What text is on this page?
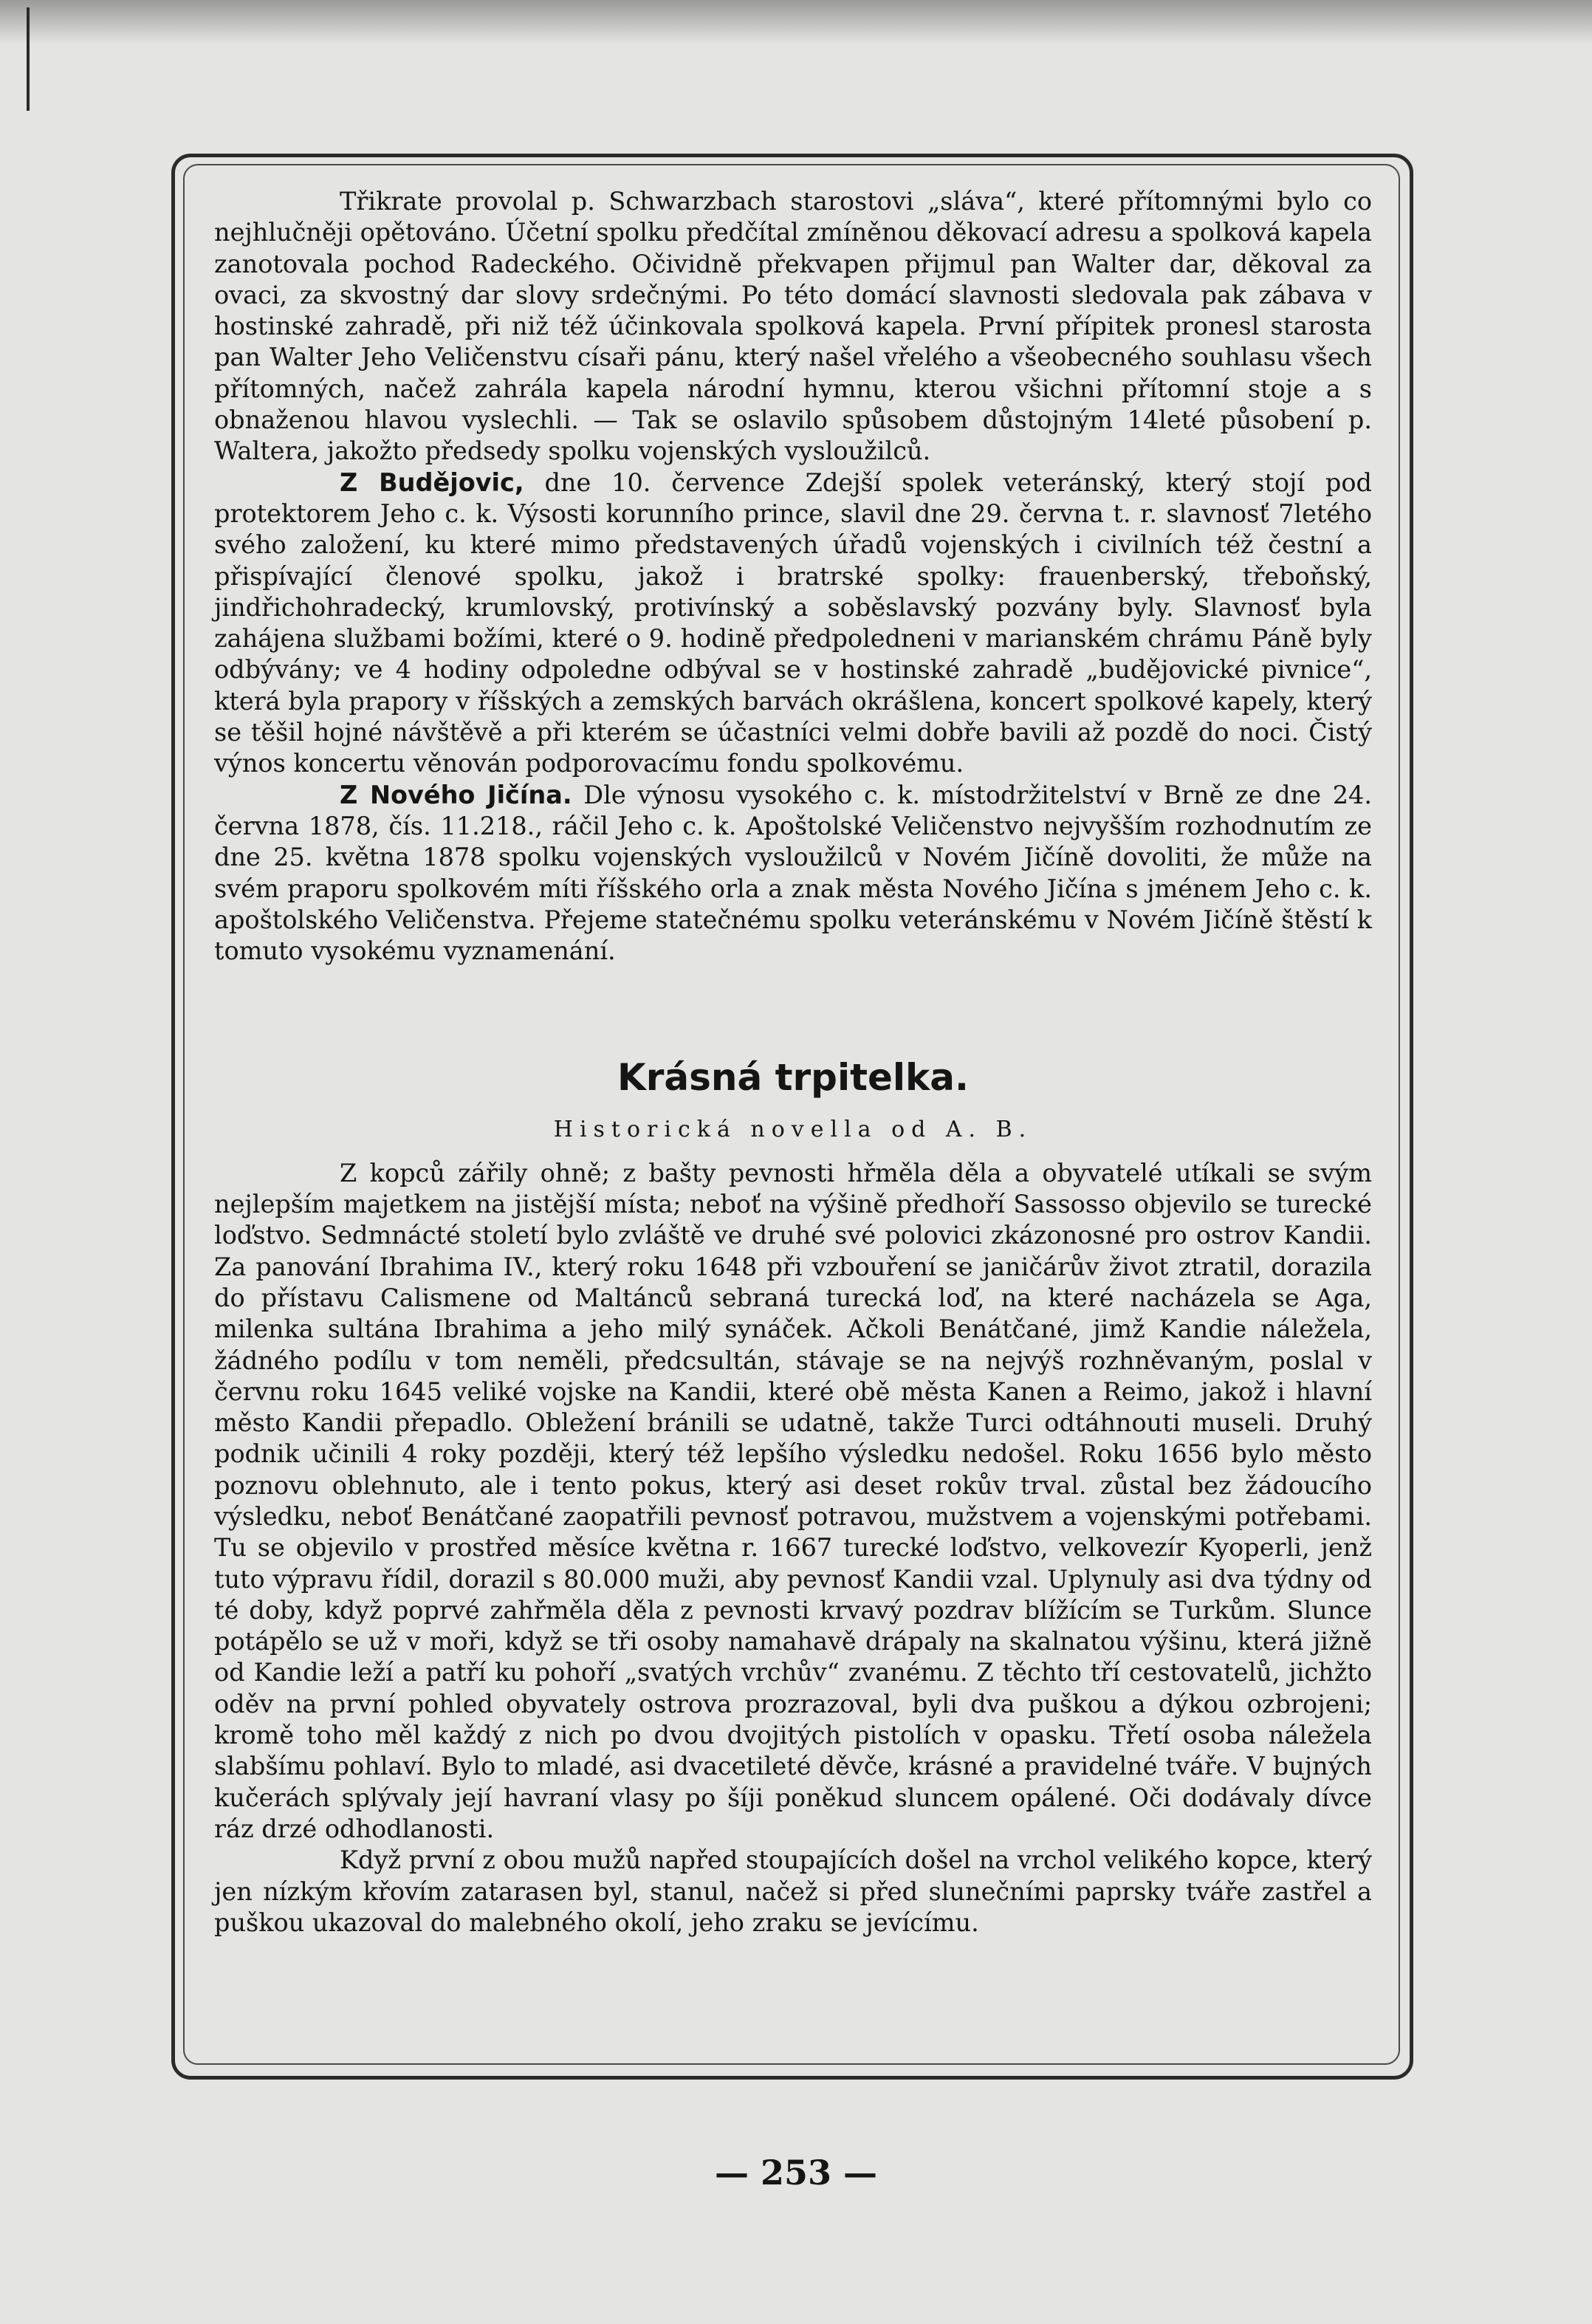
Třikrate provolal p. Schwarzbach starostovi „sláva“, které přítomnými bylo co nejhlučněji opětováno. Účetní spolku předčítal zmíněnou děkovací adresu a spolková kapela zanotovala pochod Radeckého. Očividně překvapen přijmul pan Walter dar, děkoval za ovaci, za skvostný dar slovy srdečnými. Po této domácí slavnosti sledovala pak zábava v hostinské zahradě, při niž též účinkovala spolková kapela. První přípitek pronesl starosta pan Walter Jeho Veličenstvu císaři pánu, který našel vřelého a všeobecného souhlasu všech přítomných, načež zahrála kapela národní hymnu, kterou všichni přítomní stoje a s obnaženou hlavou vyslechli. — Tak se oslavilo spůsobem důstojným 14leté působení p. Waltera, jakožto předsedy spolku vojenských vysloužilců.

Z Budějovic, dne 10. července Zdejší spolek veteránský, který stojí pod protektorem Jeho c. k. Výsosti korunního prince, slavil dne 29. června t. r. slavnosť 7letého svého založení, ku které mimo představených úřadů vojenských i civilních též čestní a přispívající členové spolku, jakož i bratrské spolky: frauenberský, třeboňský, jindřichohradecký, krumlovský, protivínský a soběslavský pozvány byly. Slavnosť byla zahájena službami božími, které o 9. hodině předpoledneni v marianském chrámu Páně byly odbývány; ve 4 hodiny odpoledne odbýval se v hostinské zahradě „budějovické pivnice“, která byla prapory v říšských a zemských barvách okrášlena, koncert spolkové kapely, který se těšil hojné návštěvě a při kterém se účastníci velmi dobře bavili až pozdě do noci. Čistý výnos koncertu věnován podporovacímu fondu spolkovému.

Z Nového Jičína. Dle výnosu vysokého c. k. místodržitelství v Brně ze dne 24. června 1878, čís. 11.218., ráčil Jeho c. k. Apoštolské Veličenstvo nejvyšším rozhodnutím ze dne 25. května 1878 spolku vojenských vysloužilců v Novém Jičíně dovoliti, že může na svém praporu spolkovém míti říšského orla a znak města Nového Jičína s jménem Jeho c. k. apoštolského Veličenstva. Přejeme statečnému spolku veteránskému v Novém Jičíně štěstí k tomuto vysokému vyznamenání.

Krásná trpitelka.
Historická novella od A. B.

Z kopců zářily ohně; z bašty pevnosti hřměla děla a obyvatelé utíkali se svým nejlepším majetkem na jistější místa; neboť na výšině předhoří Sassosso objevilo se turecké loďstvo. Sedmnácté století bylo zvláště ve druhé své polovici zkázonosné pro ostrov Kandii. Za panování Ibrahima IV., který roku 1648 při vzbouření se janičárův život ztratil, dorazila do přístavu Calismene od Maltánců sebraná turecká loď, na které nacházela se Aga, milenka sultána Ibrahima a jeho milý synáček. Ačkoli Benátčané, jimž Kandie náležela, žádného podílu v tom neměli, předcsultán, stávaje se na nejvýš rozhněvaným, poslal v červnu roku 1645 veliké vojske na Kandii, které obě města Kanen a Reimo, jakož i hlavní město Kandii přepadlo. Obležení bránili se udatně, takže Turci odtáhnouti museli. Druhý podnik učinili 4 roky později, který též lepšího výsledku nedošel. Roku 1656 bylo město poznovu oblehnuto, ale i tento pokus, který asi deset rokův trval. zůstal bez žádoucího výsledku, neboť Benátčané zaopatřili pevnosť potravou, mužstvem a vojenskými potřebami. Tu se objevilo v prostřed měsíce května r. 1667 turecké loďstvo, velkovezír Kyoperli, jenž tuto výpravu řídil, dorazil s 80.000 muži, aby pevnosť Kandii vzal. Uplynuly asi dva týdny od té doby, když poprvé zahřměla děla z pevnosti krvavý pozdrav blížícím se Turkům. Slunce potápělo se už v moři, když se tři osoby namahavě drápaly na skalnatou výšinu, která jižně od Kandie leží a patří ku pohoří „svatých vrchův“ zvanému. Z těchto tří cestovatelů, jichžto oděv na první pohled obyvately ostrova prozrazoval, byli dva puškou a dýkou ozbrojeni; kromě toho měl každý z nich po dvou dvojitých pistolích v opasku. Třetí osoba náležela slabšímu pohlaví. Bylo to mladé, asi dvacetileté děvče, krásné a pravidelné tváře. V bujných kučerách splývaly její havraní vlasy po šíji poněkud sluncem opálené. Oči dodávaly dívce ráz drzé odhodlanosti.

Když první z obou mužů napřed stoupajících došel na vrchol velikého kopce, který jen nízkým křovím zatarasen byl, stanul, načež si před slunečními paprsky tváře zastřel a puškou ukazoval do malebného okolí, jeho zraku se jevícímu.

— 253 —
